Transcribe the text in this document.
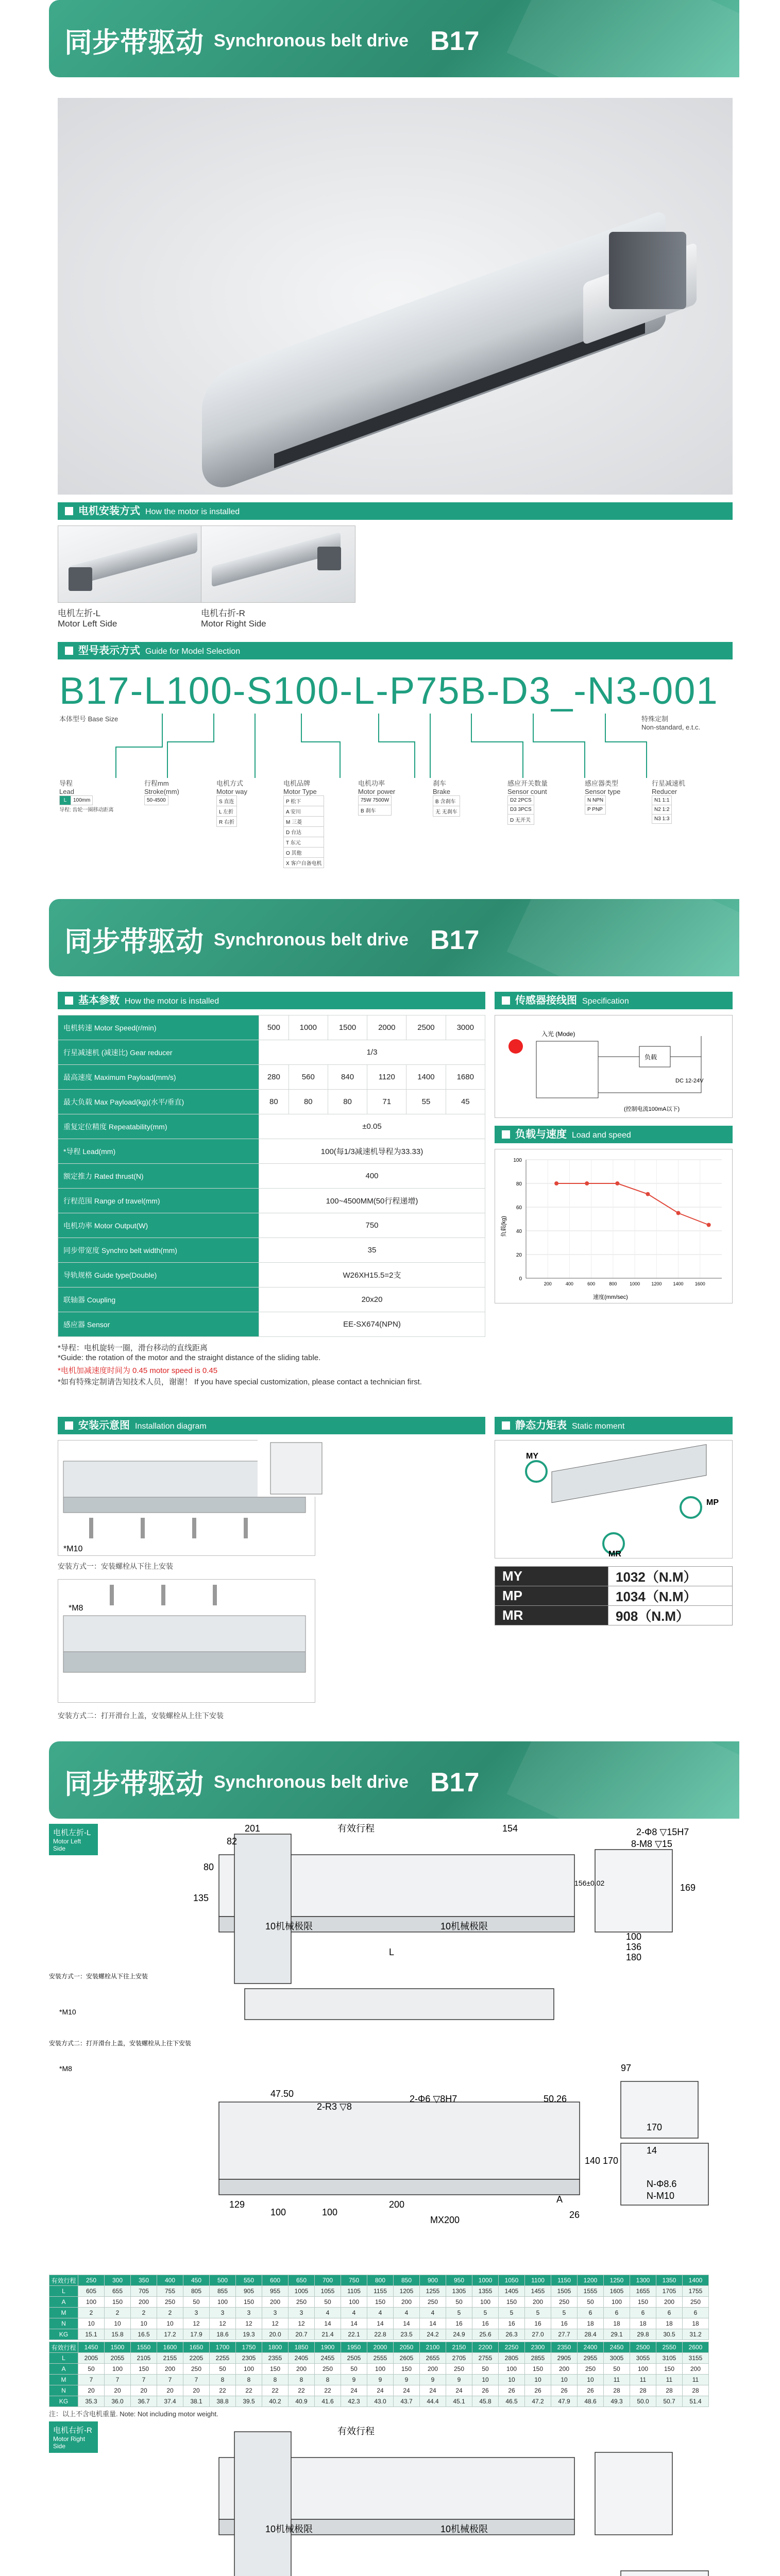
同步带驱动 Synchronous belt drive B17
电机安装方式 How the motor is installed
电机左折-L
Motor Left Side
电机右折-R
Motor Right Side
型号表示方式 Guide for Model Selection
B17-L100-S100-L-P75B-D3_-N3-001
本体型号 Base Size	特殊定制
Non-standard, e.t.c.
导程
Lead
L	100mm
导程: 齿轮一圈移动距离
行程mm
Stroke(mm)
50-4500
电机方式
Motor way
S 直连
L 左折
R 右折
电机品牌
Motor Type
P 松下
A 安川
M 三菱
D 台达
T 东元
O 其他
X 客户自备电机
电机功率
Motor power
75W 7500W
B 刹车
刹车
Brake
B 含刹车
无 无刹车
感应开关数量
Sensor count
D2 2PCS
D3 3PCS
D 无开关
感应器类型
Sensor type
N NPN
P PNP
行星减速机
Reducer
N1 1:1
N2 1:2
N3 1:3
同步带驱动 Synchronous belt drive B17
基本参数 How the motor is installed
电机转速 Motor Speed(r/min)	500	1000	1500	2000	2500	3000
行星减速机 (减速比) Gear reducer	1/3					
最高速度 Maximum Payload(mm/s)	280	560	840	1120	1400	1680
最大负载 Max Payload(kg)(水平/垂直)	80	80	80	71	55	45
重复定位精度 Repeatability(mm)	±0.05					
*导程 Lead(mm)	100(每1/3减速机导程为33.33)					
额定推力 Rated thrust(N)	400					
行程范围 Range of travel(mm)	100~4500MM(50行程递增)					
电机功率 Motor Output(W)	750					
同步带宽度 Synchro belt width(mm)	35					
导轨规格 Guide type(Double)	W26XH15.5=2支					
联轴器 Coupling	20x20					
感应器 Sensor	EE-SX674(NPN)					
*导程：电机旋转一圈，滑台移动的直线距离
*Guide: the rotation of the motor and the straight distance of the sliding table.
*电机加减速度时间为 0.45 motor speed is 0.45
*如有特殊定制请告知技术人员，谢谢！ If you have special customization, please contact a technician first.
传感器接线图 Specification
入光 (Mode)
负载
DC 12-24V
(控制电流100mA以下)
负载与速度 Load and speed
负载(kg)
速度(mm/sec)
0
20
40
60
80
100
200	400	600	800	1000 1200 1400 1600
安装示意图 Installation diagram
*M10
安装方式一：安装螺栓从下往上安装
*M8
安装方式二：打开滑台上盖，安装螺栓从上往下安装
静态力矩表 Static moment
MY
MP
MR
MY	1032（N.M）
MP	1034（N.M）
MR	908（N.M）
同步带驱动 Synchronous belt drive B17
电机左折-L
Motor Left Side
有效行程
10机械极限	10机械极限
L
201
82
80
154
135
2-Φ8 ▽15H7
8-M8 ▽15
156±0.02	169
100
136
180
47.50
2-R3 ▽8
2-Φ6 ▽8H7	50.26
129
100	100
200
MX200	26
A
97
170
140 170
14
N-Φ8.6
N-M10
安装方式一：安装螺栓从下往上安装
*M10
安装方式二：打开滑台上盖，安装螺栓从上往下安装
*M8
有效行程	250	300	350	400	450	500	550	600	650	700	750	800	850	900	950	1000	1050	1100	1150	1200	1250	1300	1350	1400
L	605	655	705	755	805	855	905	955	1005	1055	1105	1155	1205	1255	1305	1355	1405	1455	1505	1555	1605	1655	1705	1755
A	100	150	200	250	50	100	150	200	250	50	100	150	200	250	50	100	150	200	250	50	100	150	200	250
M	2	2	2	2	3	3	3	3	3	4	4	4	4	4	5	5	5	5	5	6	6	6	6	6
N	10	10	10	10	12	12	12	12	12	14	14	14	14	14	16	16	16	16	16	18	18	18	18	18
KG	15.1	15.8	16.5	17.2	17.9	18.6	19.3	20.0	20.7	21.4	22.1	22.8	23.5	24.2	24.9	25.6	26.3	27.0	27.7	28.4	29.1	29.8	30.5	31.2
有效行程	1450	1500	1550	1600	1650	1700	1750	1800	1850	1900	1950	2000	2050	2100	2150	2200	2250	2300	2350	2400	2450	2500	2550	2600
L	2005	2055	2105	2155	2205	2255	2305	2355	2405	2455	2505	2555	2605	2655	2705	2755	2805	2855	2905	2955	3005	3055	3105	3155
A	50	100	150	200	250	50	100	150	200	250	50	100	150	200	250	50	100	150	200	250	50	100	150	200
M	7	7	7	7	7	8	8	8	8	8	9	9	9	9	9	10	10	10	10	10	11	11	11	11
N	20	20	20	20	20	22	22	22	22	22	24	24	24	24	24	26	26	26	26	26	28	28	28	28
KG	35.3	36.0	36.7	37.4	38.1	38.8	39.5	40.2	40.9	41.6	42.3	43.0	43.7	44.4	45.1	45.8	46.5	47.2	47.9	48.6	49.3	50.0	50.7	51.4
注：以上不含电机重量. Note: Not including motor weight.
电机右折-R
Motor Right Side
有效行程
10机械极限	10机械极限
